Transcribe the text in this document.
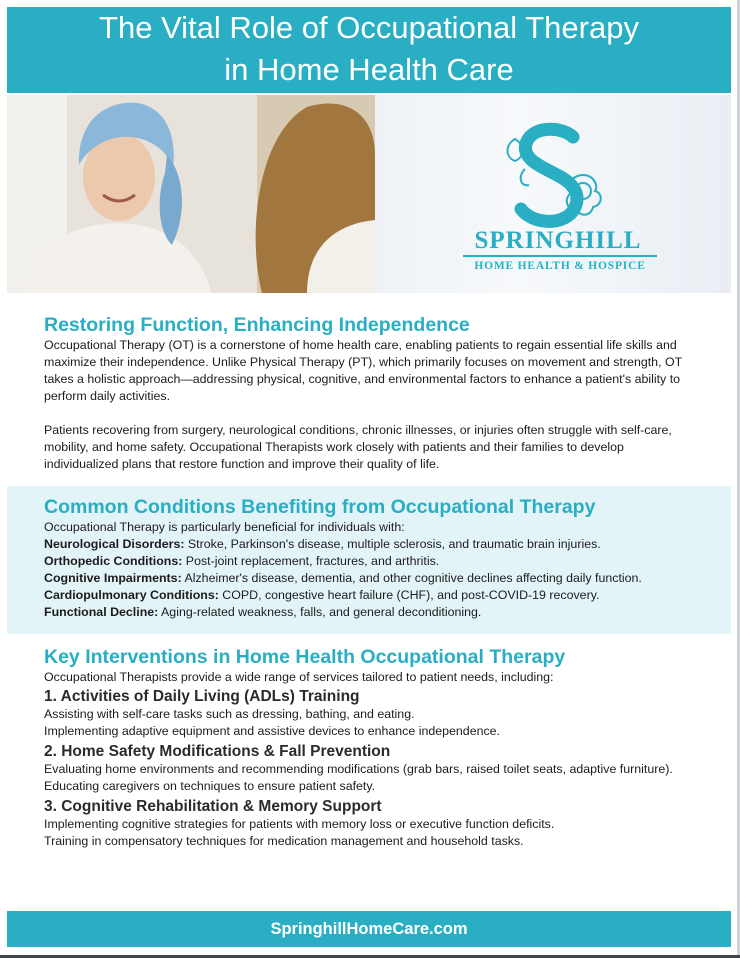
The Vital Role of Occupational Therapy
in Home Health Care
SPRINGHILL
HOME HEALTH & HOSPICE
Restoring Function, Enhancing Independence

Occupational Therapy (OT) is a cornerstone of home health care, enabling patients to regain essential life skills and maximize their independence. Unlike Physical Therapy (PT), which primarily focuses on movement and strength, OT takes a holistic approach—addressing physical, cognitive, and environmental factors to enhance a patient's ability to perform daily activities.

Patients recovering from surgery, neurological conditions, chronic illnesses, or injuries often struggle with self-care, mobility, and home safety. Occupational Therapists work closely with patients and their families to develop individualized plans that restore function and improve their quality of life.

Common Conditions Benefiting from Occupational Therapy

Occupational Therapy is particularly beneficial for individuals with:

Neurological Disorders: Stroke, Parkinson's disease, multiple sclerosis, and traumatic brain injuries.

Orthopedic Conditions: Post-joint replacement, fractures, and arthritis.

Cognitive Impairments: Alzheimer's disease, dementia, and other cognitive declines affecting daily function.

Cardiopulmonary Conditions: COPD, congestive heart failure (CHF), and post-COVID-19 recovery.

Functional Decline: Aging-related weakness, falls, and general deconditioning.

Key Interventions in Home Health Occupational Therapy

Occupational Therapists provide a wide range of services tailored to patient needs, including:

1. Activities of Daily Living (ADLs) Training

Assisting with self-care tasks such as dressing, bathing, and eating.

Implementing adaptive equipment and assistive devices to enhance independence.

2. Home Safety Modifications & Fall Prevention

Evaluating home environments and recommending modifications (grab bars, raised toilet seats, adaptive furniture).

Educating caregivers on techniques to ensure patient safety.

3. Cognitive Rehabilitation & Memory Support

Implementing cognitive strategies for patients with memory loss or executive function deficits.

Training in compensatory techniques for medication management and household tasks.

SpringhillHomeCare.com
